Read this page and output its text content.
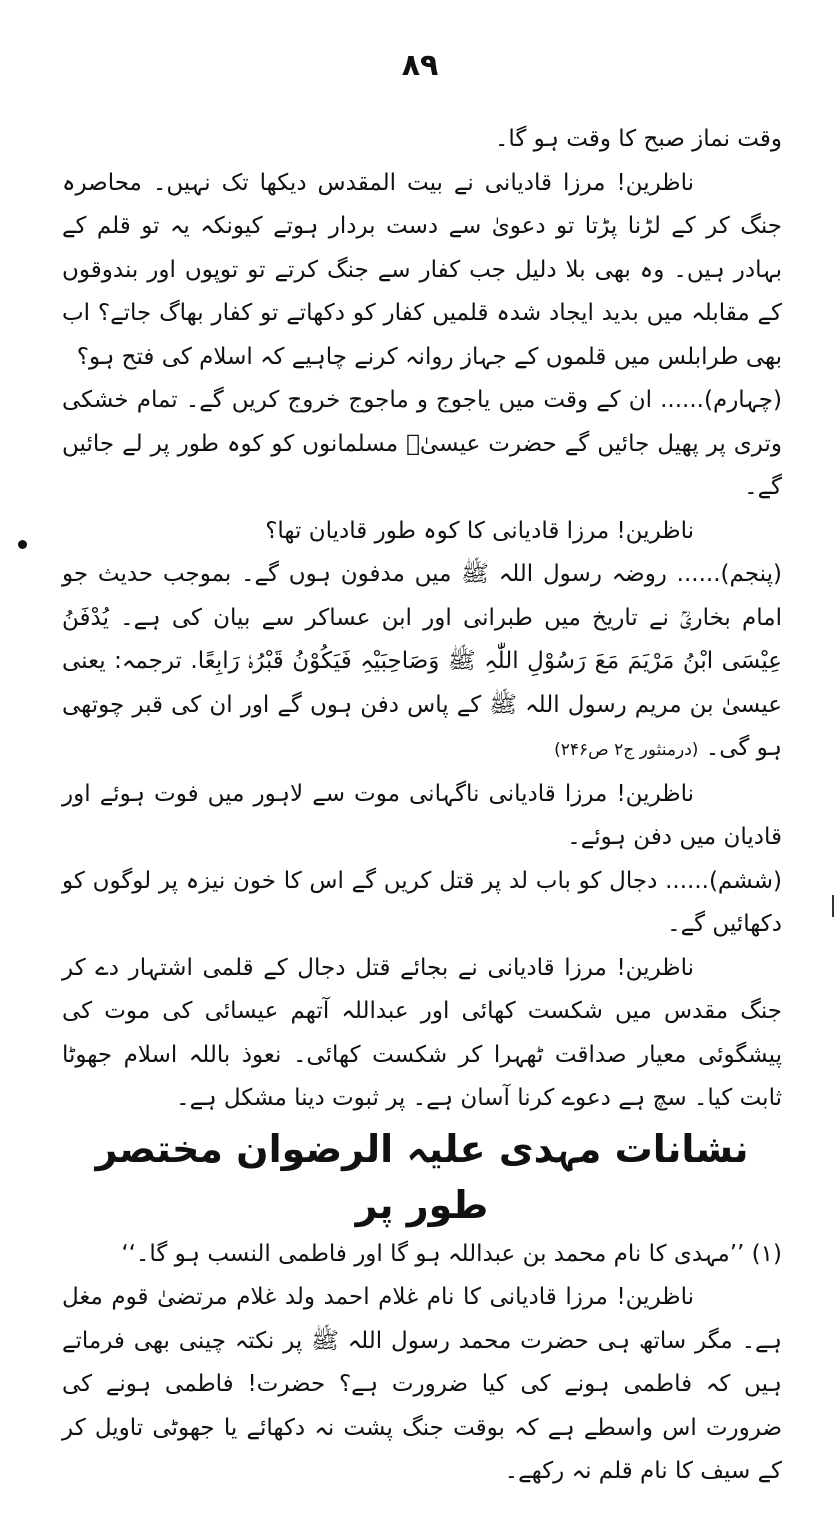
۸۹

وقت نماز صبح کا وقت ہو گا۔

ناظرین! مرزا قادیانی نے بیت المقدس دیکھا تک نہیں۔ محاصرہ جنگ کر کے لڑنا پڑتا تو دعویٰ سے دست بردار ہوتے کیونکہ یہ تو قلم کے بہادر ہیں۔ وہ بھی بلا دلیل جب کفار سے جنگ کرتے تو توپوں اور بندوقوں کے مقابلہ میں بدید ایجاد شدہ قلمیں کفار کو دکھاتے تو کفار بھاگ جاتے؟ اب بھی طرابلس میں قلموں کے جہاز روانہ کرنے چاہیے کہ اسلام کی فتح ہو؟

(چہارم)...... ان کے وقت میں یاجوج و ماجوج خروج کریں گے۔ تمام خشکی وتری پر پھیل جائیں گے حضرت عیسیٰؑ مسلمانوں کو کوہ طور پر لے جائیں گے۔

ناظرین! مرزا قادیانی کا کوہ طور قادیان تھا؟

(پنجم)...... روضہ رسول اللہ ﷺ میں مدفون ہوں گے۔ بموجب حدیث جو امام بخاریؒ نے تاریخ میں طبرانی اور ابن عساکر سے بیان کی ہے۔ یُدْفَنُ عِیْسَی ابْنُ مَرْیَمَ مَعَ رَسُوْلِ اللّٰہِ ﷺ وَصَاحِبَیْہِ فَیَکُوْنُ قَبْرُہٗ رَابِعًا. ترجمہ: یعنی عیسیٰ بن مریم رسول اللہ ﷺ کے پاس دفن ہوں گے اور ان کی قبر چوتھی ہو گی۔ (درمنثور ج۲ ص۲۴۶)

ناظرین! مرزا قادیانی ناگہانی موت سے لاہور میں فوت ہوئے اور قادیان میں دفن ہوئے۔

(ششم)...... دجال کو باب لد پر قتل کریں گے اس کا خون نیزہ پر لوگوں کو دکھائیں گے۔

ناظرین! مرزا قادیانی نے بجائے قتل دجال کے قلمی اشتہار دے کر جنگ مقدس میں شکست کھائی اور عبداللہ آتھم عیسائی کی موت کی پیشگوئی معیار صداقت ٹھہرا کر شکست کھائی۔ نعوذ باللہ اسلام جھوٹا ثابت کیا۔ سچ ہے دعوے کرنا آسان ہے۔ پر ثبوت دینا مشکل ہے۔

نشانات مہدی علیہ الرضوان مختصر طور پر

(۱) ’’مہدی کا نام محمد بن عبداللہ ہو گا اور فاطمی النسب ہو گا۔‘‘

ناظرین! مرزا قادیانی کا نام غلام احمد ولد غلام مرتضیٰ قوم مغل ہے۔ مگر ساتھ ہی حضرت محمد رسول اللہ ﷺ پر نکتہ چینی بھی فرماتے ہیں کہ فاطمی ہونے کی کیا ضرورت ہے؟ حضرت! فاطمی ہونے کی ضرورت اس واسطے ہے کہ بوقت جنگ پشت نہ دکھائے یا جھوٹی تاویل کر کے سیف کا نام قلم نہ رکھے۔
